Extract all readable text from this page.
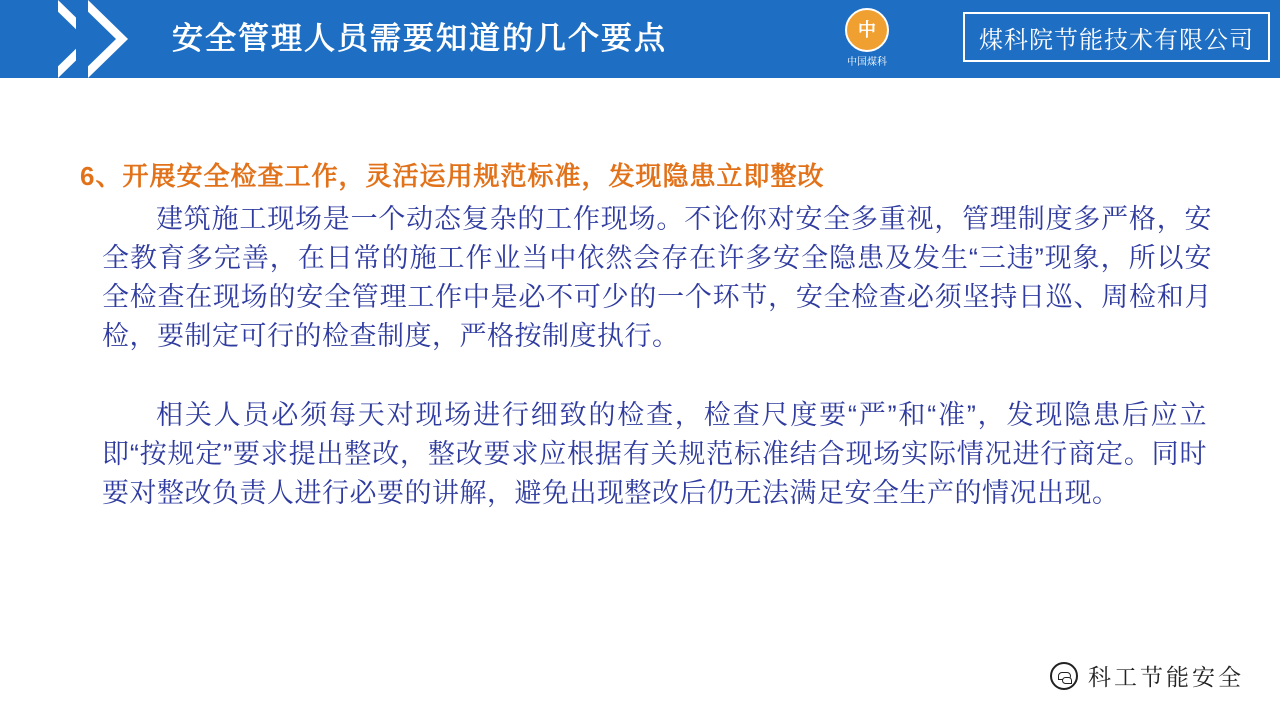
安全管理人员需要知道的几个要点	中
中国煤科
煤科院节能技术有限公司
6、开展安全检查工作，灵活运用规范标准，发现隐患立即整改

建筑施工现场是一个动态复杂的工作现场。不论你对安全多重视，管理制度多严格，安全教育多完善，在日常的施工作业当中依然会存在许多安全隐患及发生“三违”现象，所以安全检查在现场的安全管理工作中是必不可少的一个环节，安全检查必须坚持日巡、周检和月检，要制定可行的检查制度，严格按制度执行。

相关人员必须每天对现场进行细致的检查，检查尺度要“严”和“准”，发现隐患后应立即“按规定”要求提出整改，整改要求应根据有关规范标准结合现场实际情况进行商定。同时要对整改负责人进行必要的讲解，避免出现整改后仍无法满足安全生产的情况出现。

科工节能安全
